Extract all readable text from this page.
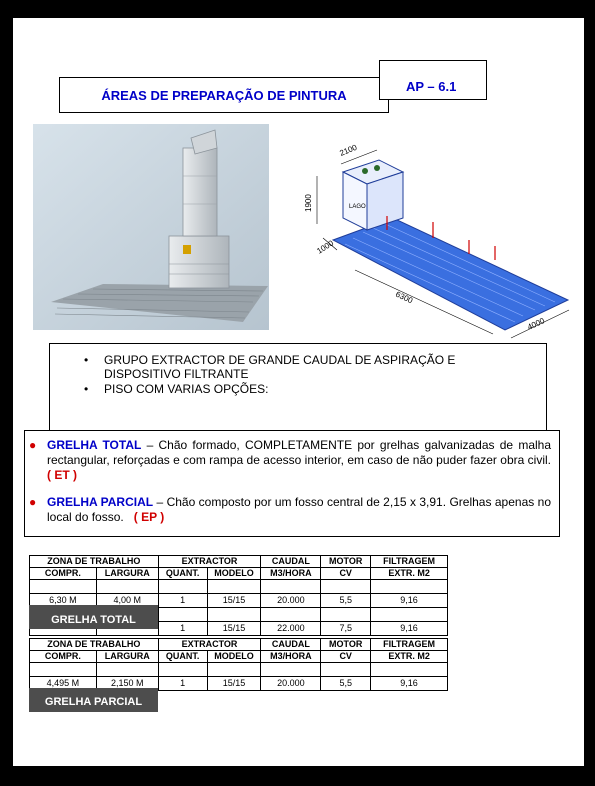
ÁREAS DE PREPARAÇÃO DE PINTURA
AP – 6.1
LAGO
2100
1900
1000
6300
4000
• GRUPO EXTRACTOR DE GRANDE CAUDAL DE ASPIRAÇÃO E DISPOSITIVO FILTRANTE
• PISO COM VARIAS OPÇÕES:
● GRELHA TOTAL – Chão formado, COMPLETAMENTE por grelhas galvanizadas de malha rectangular, reforçadas e com rampa de acesso interior, em caso de não puder fazer obra civil. ( ET )
● GRELHA PARCIAL – Chão composto por um fosso central de 2,15 x 3,91. Grelhas apenas no local do fosso. ( EP )
ZONA DE TRABALHO		EXTRACTOR		CAUDAL	MOTOR	FILTRAGEM
COMPR.	LARGURA	QUANT.	MODELO	M3/HORA	CV	EXTR. M2

6,30 M	4,00 M	1	15/15	20.000	5,5	9,16

		1	15/15	22.000	7,5	9,16
GRELHA TOTAL
ZONA DE TRABALHO		EXTRACTOR		CAUDAL	MOTOR	FILTRAGEM
COMPR.	LARGURA	QUANT.	MODELO	M3/HORA	CV	EXTR. M2

4,495 M	2,150 M	1	15/15	20.000	5,5	9,16
GRELHA PARCIAL
